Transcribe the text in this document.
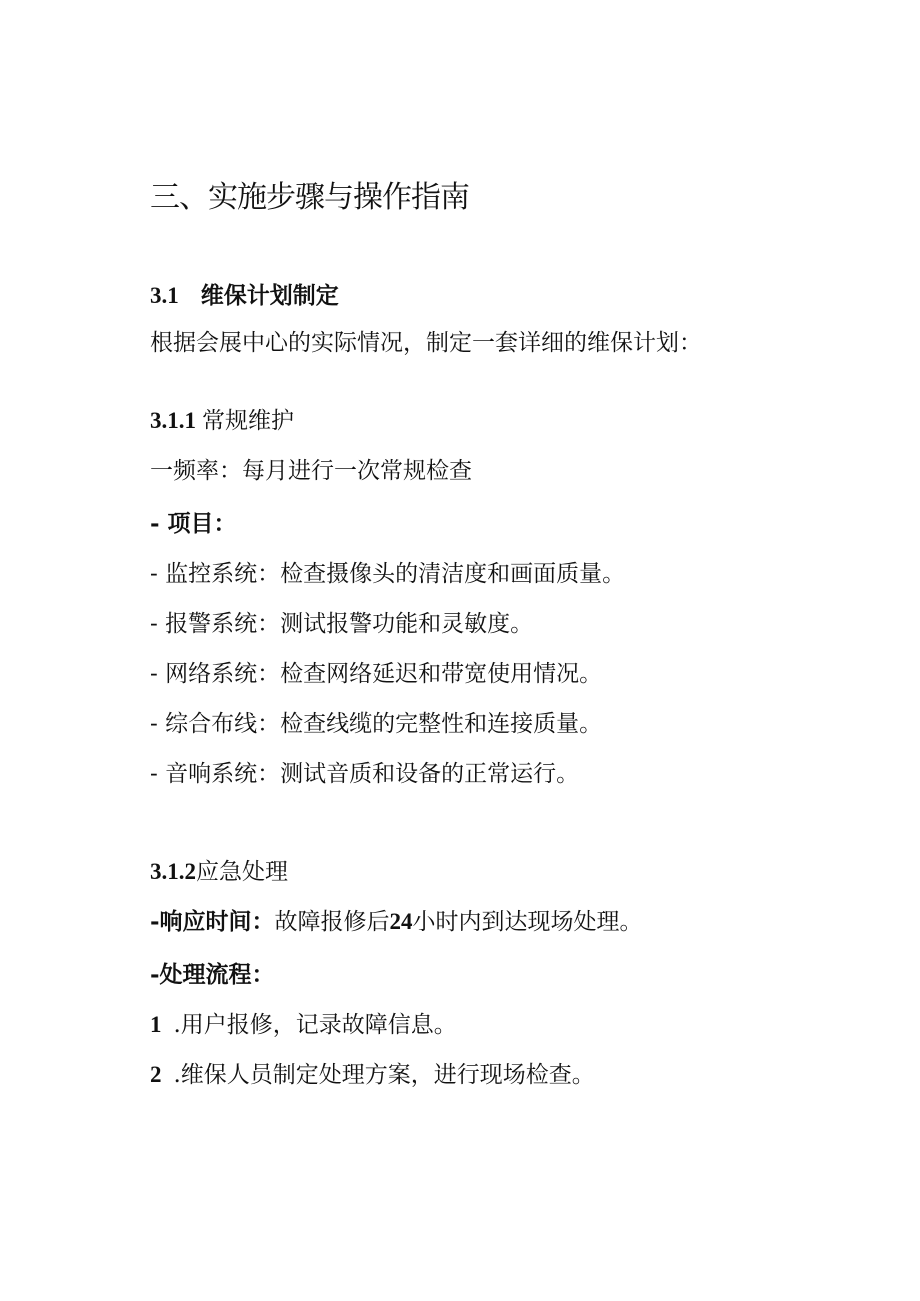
三、实施步骤与操作指南
3.1 维保计划制定
根据会展中心的实际情况，制定一套详细的维保计划：
3.1.1 常规维护
一频率：每月进行一次常规检查
- 项目：
- 监控系统：检查摄像头的清洁度和画面质量。
- 报警系统：测试报警功能和灵敏度。
- 网络系统：检查网络延迟和带宽使用情况。
- 综合布线：检查线缆的完整性和连接质量。
- 音响系统：测试音质和设备的正常运行。
3.1.2应急处理
-响应时间：故障报修后24小时内到达现场处理。
-处理流程：
1 .用户报修，记录故障信息。
2 .维保人员制定处理方案，进行现场检查。
